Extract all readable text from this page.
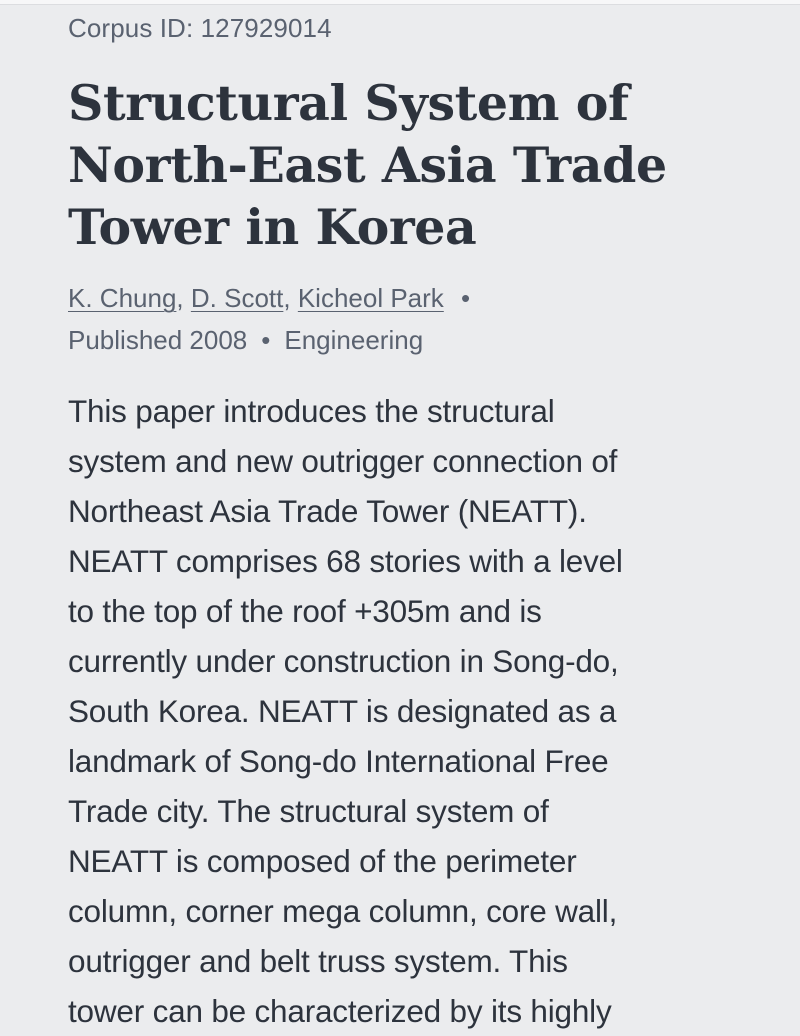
Corpus ID: 127929014
Structural System of North-East Asia Trade Tower in Korea
K. Chung, D. Scott, Kicheol Park •
Published 2008 • Engineering

This paper introduces the structural
system and new outrigger connection of
Northeast Asia Trade Tower (NEATT).
NEATT comprises 68 stories with a level
to the top of the roof +305m and is
currently under construction in Song-do,
South Korea. NEATT is designated as a
landmark of Song-do International Free
Trade city. The structural system of
NEATT is composed of the perimeter
column, corner mega column, core wall,
outrigger and belt truss system. This
tower can be characterized by its highly
